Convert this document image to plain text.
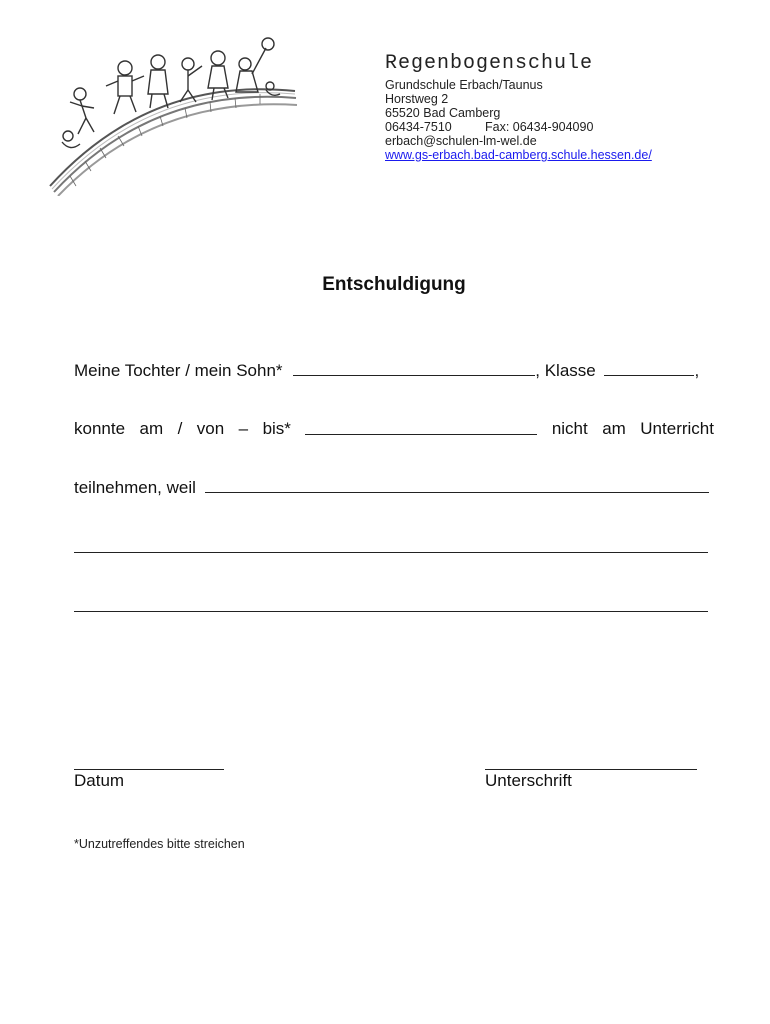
Regenbogenschule
Grundschule Erbach/Taunus
Horstweg 2
65520 Bad Camberg
06434-7510	Fax: 06434-904090
erbach@schulen-lm-wel.de
www.gs-erbach.bad-camberg.schule.hessen.de/
Entschuldigung
Meine Tochter / mein Sohn*	, Klasse	,
konnte am / von – bis*	nicht am Unterricht
teilnehmen, weil
Datum	Unterschrift
*Unzutreffendes bitte streichen
